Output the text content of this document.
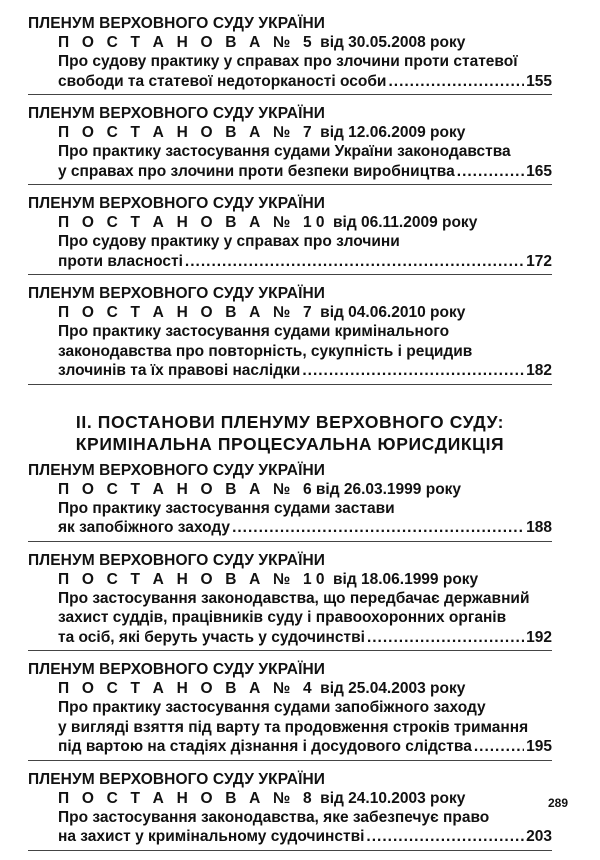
ПЛЕНУМ ВЕРХОВНОГО СУДУ УКРАЇНИ
П О С Т А Н О В А № 5 від 30.05.2008 року
Про судову практику у справах про злочини проти статевої
свободи та статевої недоторканості особи .....	155
ПЛЕНУМ ВЕРХОВНОГО СУДУ УКРАЇНИ
П О С Т А Н О В А № 7 від 12.06.2009 року
Про практику застосування судами України законодавства
у справах про злочини проти безпеки виробництва .....	165
ПЛЕНУМ ВЕРХОВНОГО СУДУ УКРАЇНИ
П О С Т А Н О В А № 10 від 06.11.2009 року
Про судову практику у справах про злочини
проти власності .....	172
ПЛЕНУМ ВЕРХОВНОГО СУДУ УКРАЇНИ
П О С Т А Н О В А № 7 від 04.06.2010 року
Про практику застосування судами кримінального
законодавства про повторність, сукупність і рецидив
злочинів та їх правові наслідки .....	182
II. ПОСТАНОВИ ПЛЕНУМУ ВЕРХОВНОГО СУДУ:
КРИМІНАЛЬНА ПРОЦЕСУАЛЬНА ЮРИСДИКЦІЯ
ПЛЕНУМ ВЕРХОВНОГО СУДУ УКРАЇНИ
П О С Т А Н О В А № 6від 26.03.1999 року
Про практику застосування судами застави
як запобіжного заходу .....	188
ПЛЕНУМ ВЕРХОВНОГО СУДУ УКРАЇНИ
П О С Т А Н О В А № 10 від 18.06.1999 року
Про застосування законодавства, що передбачає державний
захист суддів, працівників суду і правоохоронних органів
та осіб, які беруть участь у судочинстві .....	192
ПЛЕНУМ ВЕРХОВНОГО СУДУ УКРАЇНИ
П О С Т А Н О В А № 4 від 25.04.2003 року
Про практику застосування судами запобіжного заходу
у вигляді взяття під варту та продовження строків тримання
під вартою на стадіях дізнання і досудового слідства .....	195
ПЛЕНУМ ВЕРХОВНОГО СУДУ УКРАЇНИ
П О С Т А Н О В А № 8 від 24.10.2003 року
Про застосування законодавства, яке забезпечує право
на захист у кримінальному судочинстві .....	203
289
